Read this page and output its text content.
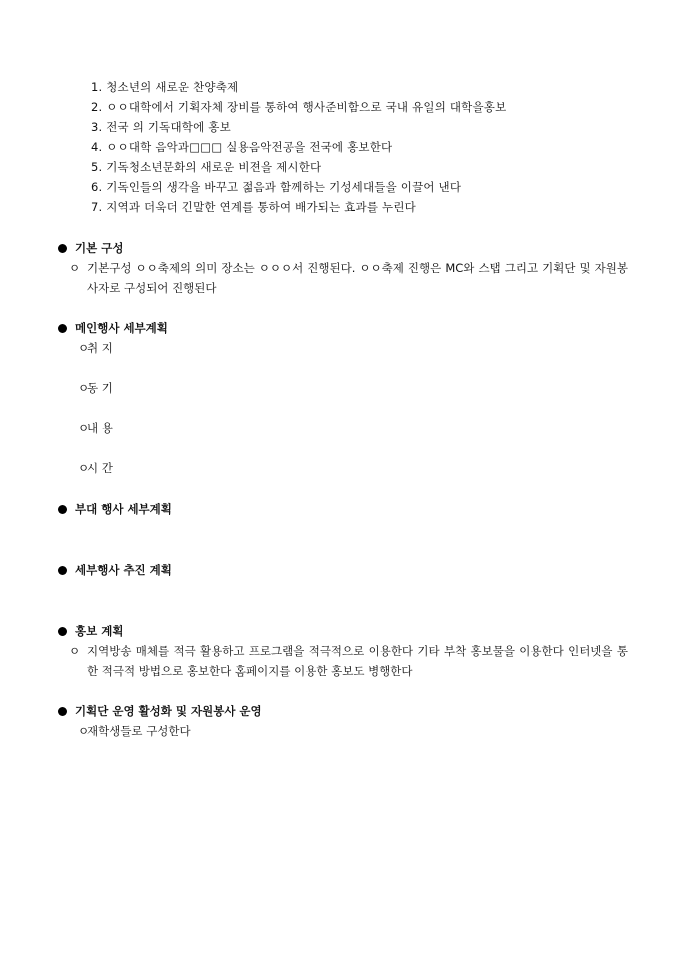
1. 청소년의 새로운 찬양축제
2. ㅇㅇ대학에서 기획자체 장비를 통하여 행사준비함으로 국내 유일의 대학을홍보
3. 전국 의 기독대학에 홍보
4. ㅇㅇ대학 음악과□□□ 실용음악전공을 전국에 홍보한다
5. 기독청소년문화의 새로운 비젼을 제시한다
6. 기독인들의 생각을 바꾸고 젊음과 함께하는 기성세대들을 이끌어 낸다
7. 지역과 더욱더 긴말한 연계를 통하여 배가되는 효과를 누린다
기본 구성
ㅇ 기본구성 ㅇㅇ축제의 의미 장소는 ㅇㅇㅇ서 진행된다. ㅇㅇ축제 진행은 MC와 스탭 그리고 기획단 및 자원봉사자로 구성되어 진행된다
메인행사 세부계획
ㅇ취 지
ㅇ동 기
ㅇ내 용
ㅇ시 간
부대 행사 세부계획
세부행사 추진 계획
홍보 계획
ㅇ 지역방송 매체를 적극 활용하고 프로그램을 적극적으로 이용한다 기타 부착 홍보물을 이용한다 인터넷을 통한 적극적 방법으로 홍보한다 홈페이지를 이용한 홍보도 병행한다
기획단 운영 활성화 및 자원봉사 운영
ㅇ재학생들로 구성한다
